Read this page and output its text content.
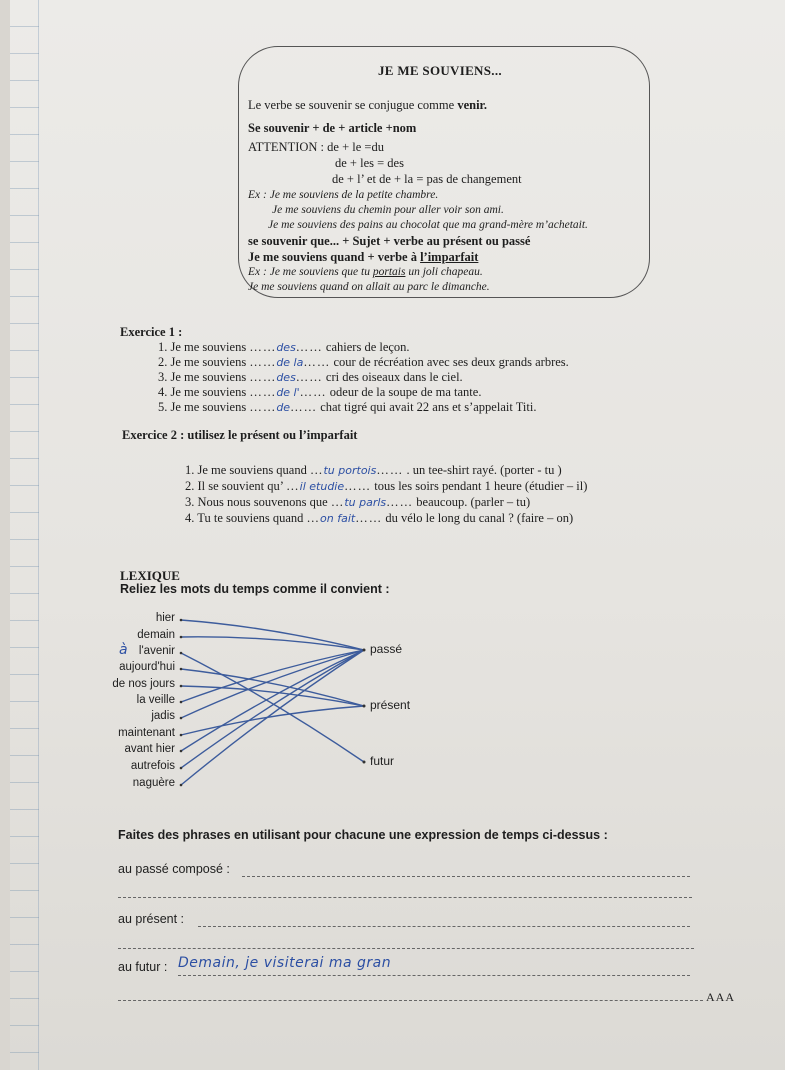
JE ME SOUVIENS...
Le verbe se souvenir se conjugue comme venir.
Se souvenir + de + article +nom
ATTENTION : de + le =du
de + les = des
de + l’ et de + la = pas de changement
Ex : Je me souviens de la petite chambre.
Je me souviens du chemin pour aller voir son ami.
Je me souviens des pains au chocolat que ma grand-mère m’achetait.
se souvenir que... + Sujet + verbe au présent ou passé
Je me souviens quand + verbe à l’imparfait
Ex : Je me souviens que tu portais un joli chapeau.
Je me souviens quand on allait au parc le dimanche.
Exercice 1 :
1. Je me souviens ……des…… cahiers de leçon.
2. Je me souviens ……de la…… cour de récréation avec ses deux grands arbres.
3. Je me souviens ……des…… cri des oiseaux dans le ciel.
4. Je me souviens ……de l'…… odeur de la soupe de ma tante.
5. Je me souviens ……de…… chat tigré qui avait 22 ans et s’appelait Titi.
Exercice 2 : utilisez le présent ou l’imparfait
1. Je me souviens quand …tu portois…… . un tee-shirt rayé. (porter - tu )
2. Il se souvient qu’ …il etudie…… tous les soirs pendant 1 heure (étudier – il)
3. Nous nous souvenons que …tu parls…… beaucoup. (parler – tu)
4. Tu te souviens quand …on fait…… du vélo le long du canal ? (faire – on)
LEXIQUE
Reliez les mots du temps comme il convient :
à
hier
demain
l'avenir
aujourd'hui
de nos jours
la veille
jadis
maintenant
avant hier
autrefois
naguère
passé
présent
futur
Faites des phrases en utilisant pour chacune une expression de temps ci-dessus :
au passé composé :
au présent :
au futur : Demain, je visiterai ma gran
AAA
